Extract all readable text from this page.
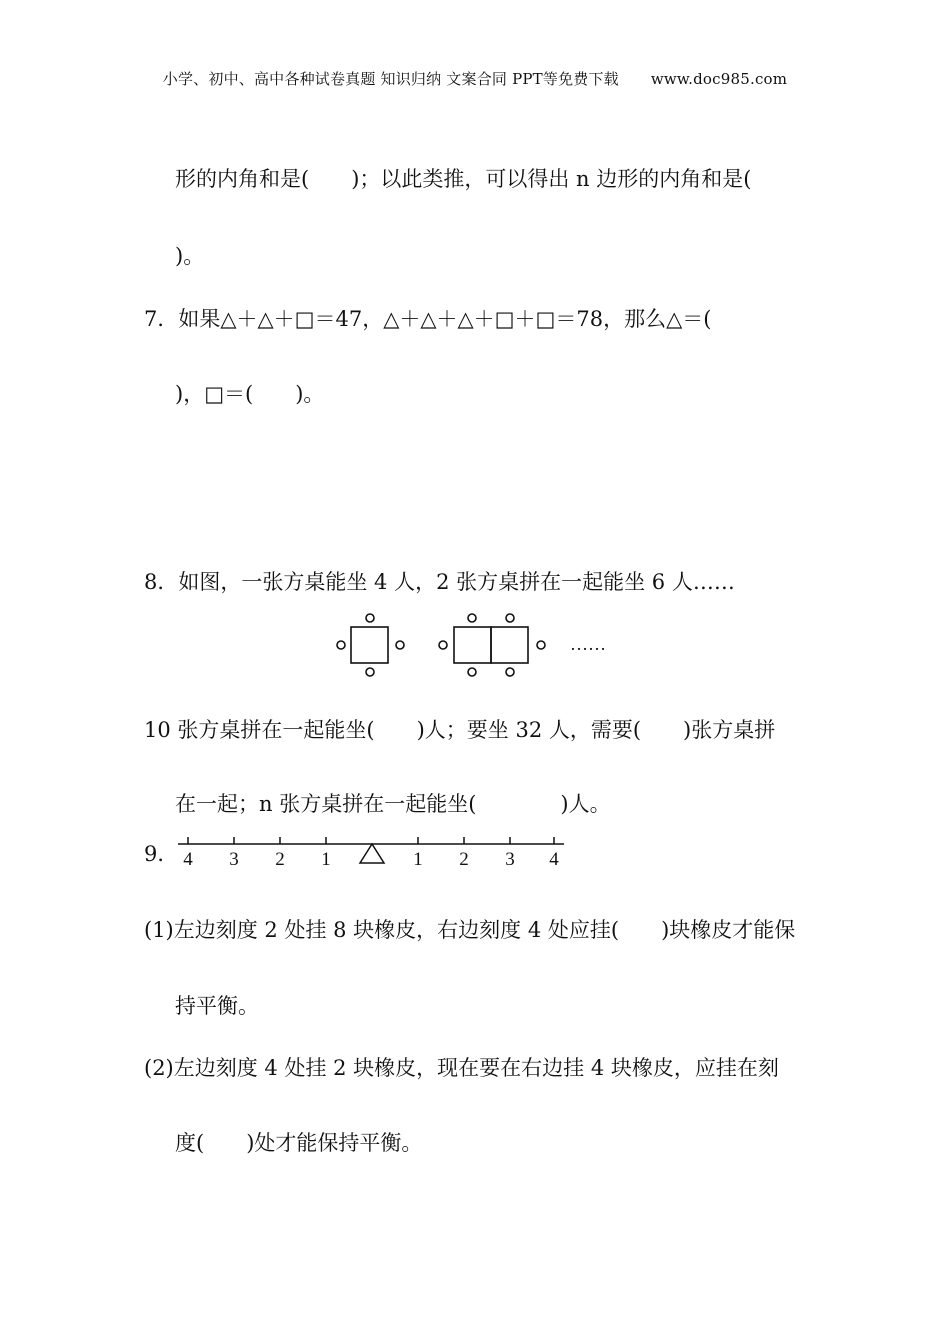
小学、初中、高中各种试卷真题 知识归纳 文案合同 PPT等免费下载 www.doc985.com
形的内角和是(　　)；以此类推，可以得出 n 边形的内角和是(
)。
7．如果△＋△＋□＝47，△＋△＋△＋□＋□＝78，那么△＝(
)，□＝(　　)。
8．如图，一张方桌能坐 4 人，2 张方桌拼在一起能坐 6 人……
……
10 张方桌拼在一起能坐(　　)人；要坐 32 人，需要(　　)张方桌拼
在一起；n 张方桌拼在一起能坐(　　　　)人。
9． 4 3 2 1	1 2 3 4
(1)左边刻度 2 处挂 8 块橡皮，右边刻度 4 处应挂(　　)块橡皮才能保
持平衡。
(2)左边刻度 4 处挂 2 块橡皮，现在要在右边挂 4 块橡皮，应挂在刻
度(　　)处才能保持平衡。
